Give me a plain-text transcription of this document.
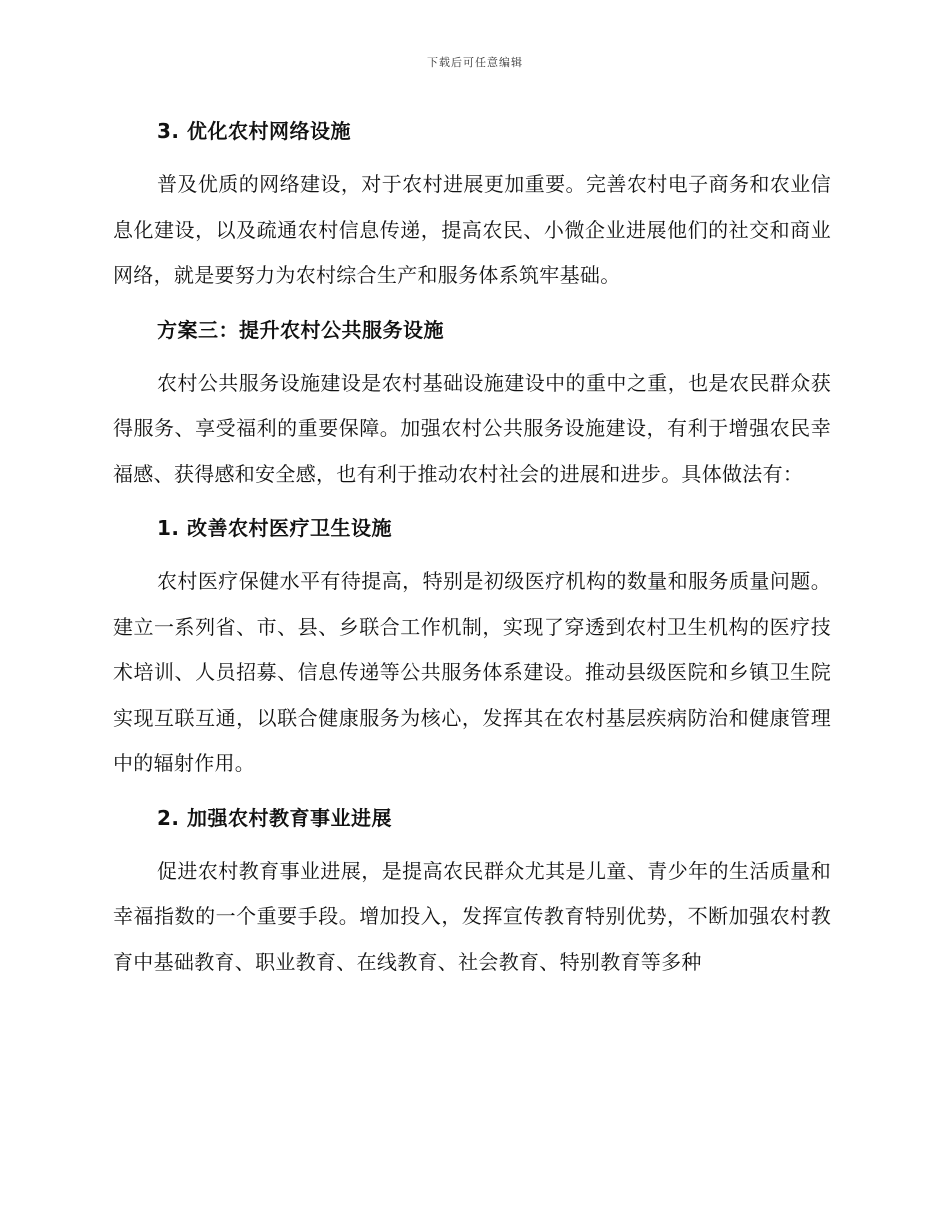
下载后可任意编辑
3. 优化农村网络设施

普及优质的网络建设，对于农村进展更加重要。完善农村电子商务和农业信息化建设，以及疏通农村信息传递，提高农民、小微企业进展他们的社交和商业网络，就是要努力为农村综合生产和服务体系筑牢基础。

方案三：提升农村公共服务设施

农村公共服务设施建设是农村基础设施建设中的重中之重，也是农民群众获得服务、享受福利的重要保障。加强农村公共服务设施建设，有利于增强农民幸福感、获得感和安全感，也有利于推动农村社会的进展和进步。具体做法有：

1. 改善农村医疗卫生设施

农村医疗保健水平有待提高，特别是初级医疗机构的数量和服务质量问题。建立一系列省、市、县、乡联合工作机制，实现了穿透到农村卫生机构的医疗技术培训、人员招募、信息传递等公共服务体系建设。推动县级医院和乡镇卫生院实现互联互通，以联合健康服务为核心，发挥其在农村基层疾病防治和健康管理中的辐射作用。

2. 加强农村教育事业进展

促进农村教育事业进展，是提高农民群众尤其是儿童、青少年的生活质量和幸福指数的一个重要手段。增加投入，发挥宣传教育特别优势，不断加强农村教育中基础教育、职业教育、在线教育、社会教育、特别教育等多种
